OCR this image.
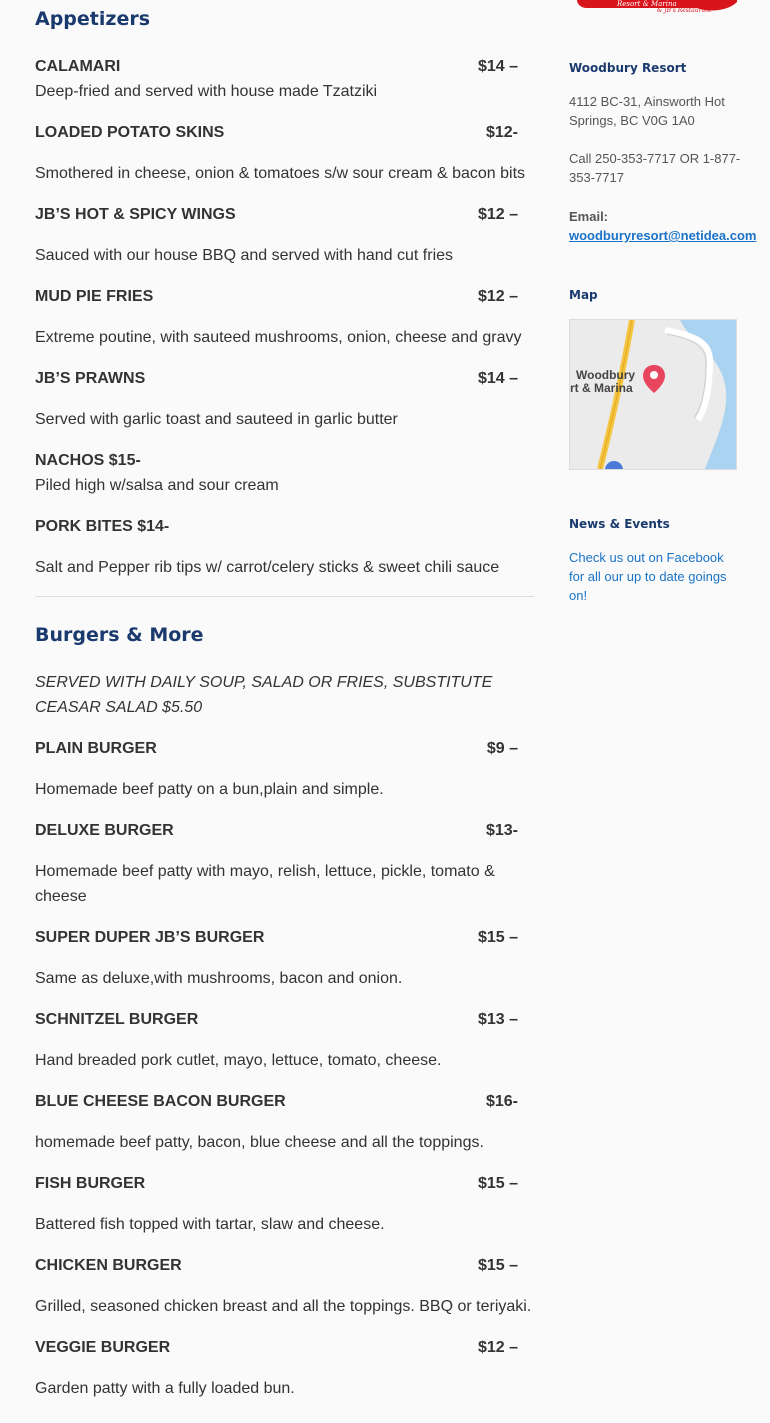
Resort & Marina
& JB's Restaurant
Appetizers
CALAMARI	$14 –
Deep-fried and served with house made Tzatziki
LOADED POTATO SKINS	$12-
Smothered in cheese, onion & tomatoes s/w sour cream & bacon bits
JB’S HOT & SPICY WINGS	$12 –
Sauced with our house BBQ and served with hand cut fries
MUD PIE FRIES	$12 –
Extreme poutine, with sauteed mushrooms, onion, cheese and gravy
JB’S PRAWNS	$14 –
Served with garlic toast and sauteed in garlic butter
NACHOS $15-
Piled high w/salsa and sour cream
PORK BITES $14-
Salt and Pepper rib tips w/ carrot/celery sticks & sweet chili sauce
Burgers & More
SERVED WITH DAILY SOUP, SALAD OR FRIES, SUBSTITUTE CEASAR SALAD $5.50
PLAIN BURGER	$9 –
Homemade beef patty on a bun,plain and simple.
DELUXE BURGER	$13-
Homemade beef patty with mayo, relish, lettuce, pickle, tomato & cheese
SUPER DUPER JB’S BURGER	$15 –
Same as deluxe,with mushrooms, bacon and onion.
SCHNITZEL BURGER	$13 –
Hand breaded pork cutlet, mayo, lettuce, tomato, cheese.
BLUE CHEESE BACON BURGER	$16-
homemade beef patty, bacon, blue cheese and all the toppings.
FISH BURGER	$15 –
Battered fish topped with tartar, slaw and cheese.
CHICKEN BURGER	$15 –
Grilled, seasoned chicken breast and all the toppings. BBQ or teriyaki.
VEGGIE BURGER	$12 –
Garden patty with a fully loaded bun.
Woodbury Resort
4112 BC-31, Ainsworth Hot Springs, BC V0G 1A0
Call 250-353-7717 OR 1-877-353-7717
Email:
woodburyresort@netidea.com
Map
Woodbury
rt & Marina
News & Events
Check us out on Facebook for all our up to date goings on!
